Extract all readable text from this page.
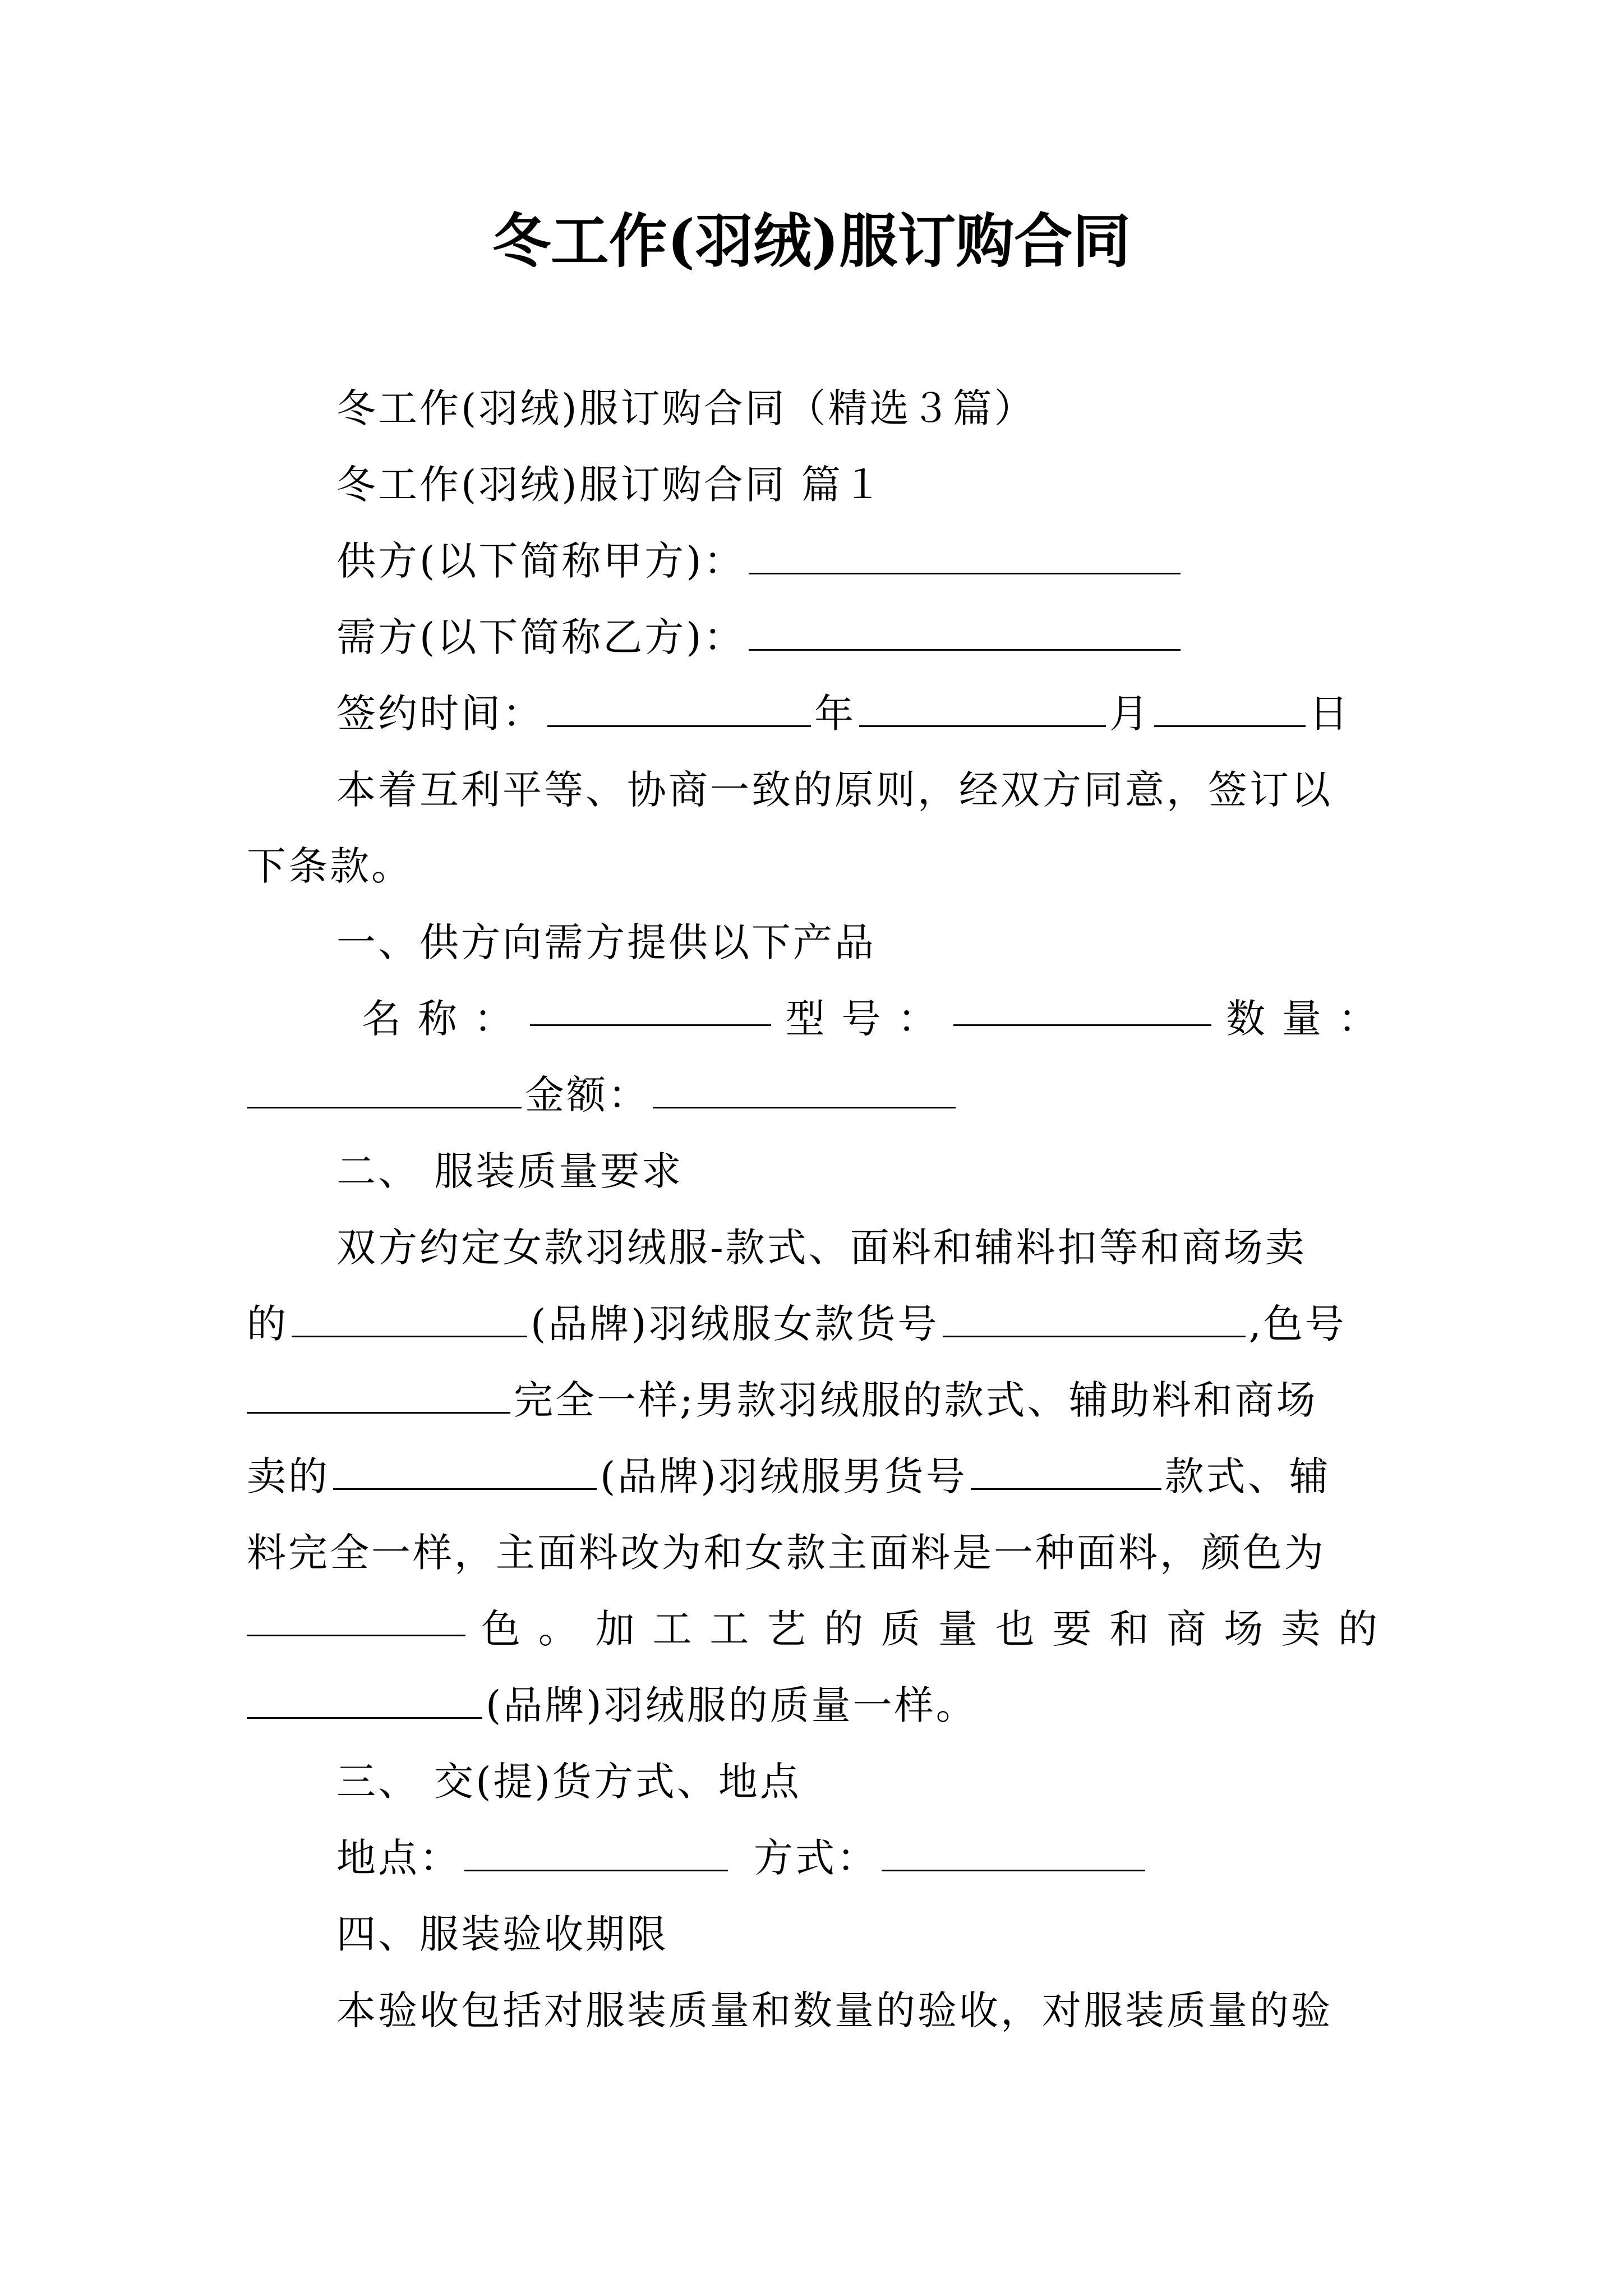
冬工作(羽绒)服订购合同
冬工作(羽绒)服订购合同（精选３篇）
冬工作(羽绒)服订购合同 篇１
供方(以下简称甲方)：
需方(以下简称乙方)：
签约时间：	年	月	日
本着互利平等、协商一致的原则，经双方同意，签订以
下条款。
一、供方向需方提供以下产品
名 称 ：	型 号 ：	数 量 ：
金额：
二、 服装质量要求
双方约定女款羽绒服-款式、面料和辅料扣等和商场卖
的	(品牌)羽绒服女款货号	,色号
完全一样;男款羽绒服的款式、辅助料和商场
卖的	(品牌)羽绒服男货号	款式、辅
料完全一样，主面料改为和女款主面料是一种面料，颜色为
色 。 加 工 工 艺 的 质 量 也 要 和 商 场 卖 的
(品牌)羽绒服的质量一样。
三、 交(提)货方式、地点
地点：	方式：
四、服装验收期限
本验收包括对服装质量和数量的验收，对服装质量的验
